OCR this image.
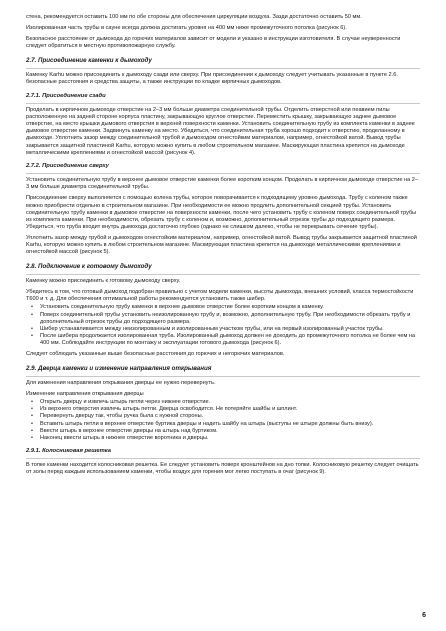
стена, рекомендуется оставить 100 мм по обе стороны для обеспечения циркуляции воздуха. Зазди достаточно оставить 50 мм.

Изолированная часть трубы в сауне всегда должна достигать уровня на 400 мм ниже промежуточного потолка (рисунок 6).

Безопасное расстояние от дымохода до горючих материалов зависит от модели и указано в инструкции изготовителя. В случае неуверенности следует обратиться в местную противопожарную службу.

2.7. Присоединение каменки к дымоходу

Каменку Karhu можно присоединить к дымоходу сзади или сверху. При присоединении к дымоходу следует учитывать указанные в пункте 2.6. безопасные расстояния и средства защиты, а также инструкции по кладке кирпичных дымоходов.

2.7.1. Присоединение сзади

Проделать в кирпичном дымоходе отверстие на 2–3 мм больше диаметра соединительной трубы. Отделить отверстной или пеавием пилы расположенную на задней стороне корпуса пластину, закрывающую круглое отверстие. Переместить крышку, закрывающую заднее дымовое отверстие, на место крышки дымового отверстия в верхней поверхности каменки. Установить соединительную трубу из комплекта каменки в заднее дымовое отверстие каменки. Задвинуть каменку на место. Убедиться, что соединительная труба хорошо подходит к отверстию, проделанному в дымоходе. Уплотнить зазор между соединительной трубой и дымоходом огнестойким материалом, например, огнестойкой ватой. Вывод трубы закрывается защитной пластиной Karhu, которую можно купить в любом строительном магазине. Маскирующая пластина крепится на дымоходе металлическими креплениями и огнестойкой массой (рисунок 4).

2.7.2. Присоединение сверху

Установить соединительную трубу в верхнее дымовое отверстие каменки более коротким концом. Проделать в кирпичном дымоходе отверстие на 2–3 мм больше диаметра соединительной трубы.

Присоединение сверху выполняется с помощью колена трубы, которое поворачивается к подходящему уровню дымохода. Трубу с коленом также можно приобрести отдельно в строительном магазине. При необходимости ее можно продлить дополнительной секцией трубы. Установить соединительную трубу каменки в дымовое отверстие на поверхности каменки, после чего установить трубу с коленом поверх соединительной трубы из комплекта каменки. При необходимости, обрезать трубу с коленом и, возможно, дополнительный отрезок трубы до подходящего размера. Убедиться, что труба входит внутрь дымохода достаточно глубоко (однако не слишком далеко, чтобы не перекрывать сечение трубы).

Уплотнить зазор между трубой и дымоходом огнестойким материалом, например, огнестойкой ватой. Вывод трубы закрывается защитной пластиной Karhu, которую можно купить в любом строительном магазине. Маскирующая пластина крепится на дымоходе металлическими креплениями и огнестойкой массой (рисунок 5).

2.8. Подключение к готовому дымоходу

Каменку можно присоединить к готовому дымоходу сверху.

Убедитесь в том, что готовый дымоход подобран правильно с учетом модели каменки, высоты дымохода, внешних условий, класса термостойкости T600 и т. д. Для обеспечения оптимальной работы рекомендуется установить также шибер.

• Установить соединительную трубу каменки в верхнее дымовое отверстие более коротким концом в каменку.
• Поверх соединительной трубы установить неизолированную трубу и, возможно, дополнительную трубу. При необходимости обрезать трубу и дополнительный отрезок трубы до подходящего размера.
• Шибер устанавливается между неизолированным и изолированным участком трубы, или на первый изолированный участок трубы.
• После шибера продолжается изолированная труба. Изолированный дымоход должен не доходить до промежуточного потолка не более чем на 400 мм. Соблюдайте инструкции по монтажу и эксплуатации готового дымохода (рисунок 6).

Следует соблюдать указанные выше безопасные расстояния до горючих и негорючих материалов.

2.9. Дверца каменки и изменение направления открывания

Для изменения направления открывания дверцы ее нужно перевернуть.

Изменение направления открывания дверцы

• Открыть дверцу и извлечь штырь петли через нижнее отверстие.
• Из верхнего отверстия извлечь штырь петли. Дверца освободится. Не потеряйте шайбы и шплинт.
• Перевернуть дверцу так, чтобы ручка была с нужной стороны.
• Вставить штырь петли в верхнее отверстие буртика дверцы и надеть шайбу на штырь (выступы не штыре должны быть внизу).
• Ввести штырь в верхнее отверстие дверцы на штырь над буртиком.
• Наконец ввести штырь в нижнее отверстие воротника и дверцы.
2.9.1. Колосниковая решетка

В топке каменки находится колосниковая решетка. Ее следует установить поверх кронштейнов на дно топки. Колосниковую решетку следует очищать от золы перед каждым использованием каменки, чтобы воздух для горения мог легко поступать в очаг (рисунок 9).

6
